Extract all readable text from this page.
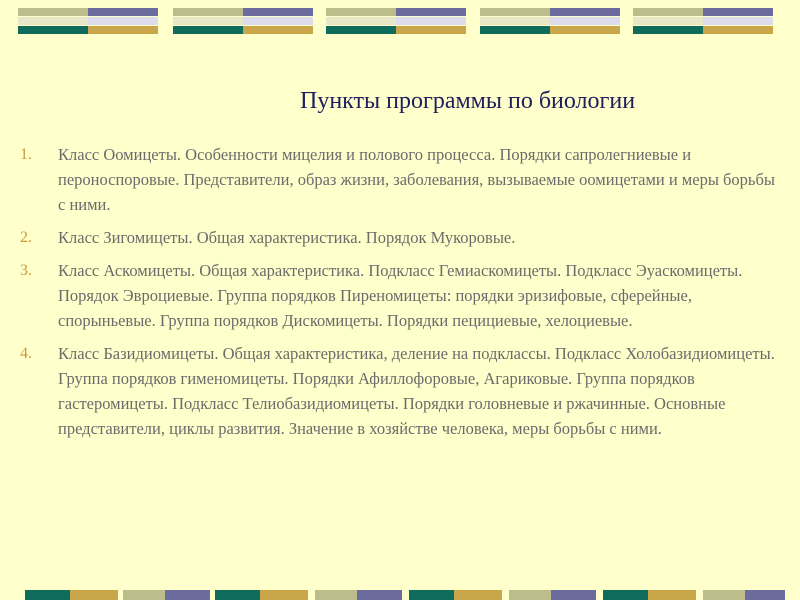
Пункты программы по биологии
1. Класс Оомицеты. Особенности мицелия и полового процесса. Порядки сапролегниевые и пероноспоровые. Представители, образ жизни, заболевания, вызываемые оомицетами и меры борьбы с ними.
2. Класс Зигомицеты. Общая характеристика. Порядок Мукоровые.
3. Класс Аскомицеты. Общая характеристика. Подкласс Гемиаскомицеты. Подкласс Эуаскомицеты. Порядок Эвроциевые. Группа порядков Пиреномицеты: порядки эризифовые, сферейные, спорыньевые. Группа порядков Дискомицеты. Порядки пецициевые, хелоциевые.
4. Класс Базидиомицеты. Общая характеристика, деление на подклассы. Подкласс Холобазидиомицеты. Группа порядков гименомицеты. Порядки Афиллофоровые, Агариковые. Группа порядков гастеромицеты. Подкласс Телиобазидиомицеты. Порядки головневые и ржачинные. Основные представители, циклы развития. Значение в хозяйстве человека, меры борьбы с ними.
